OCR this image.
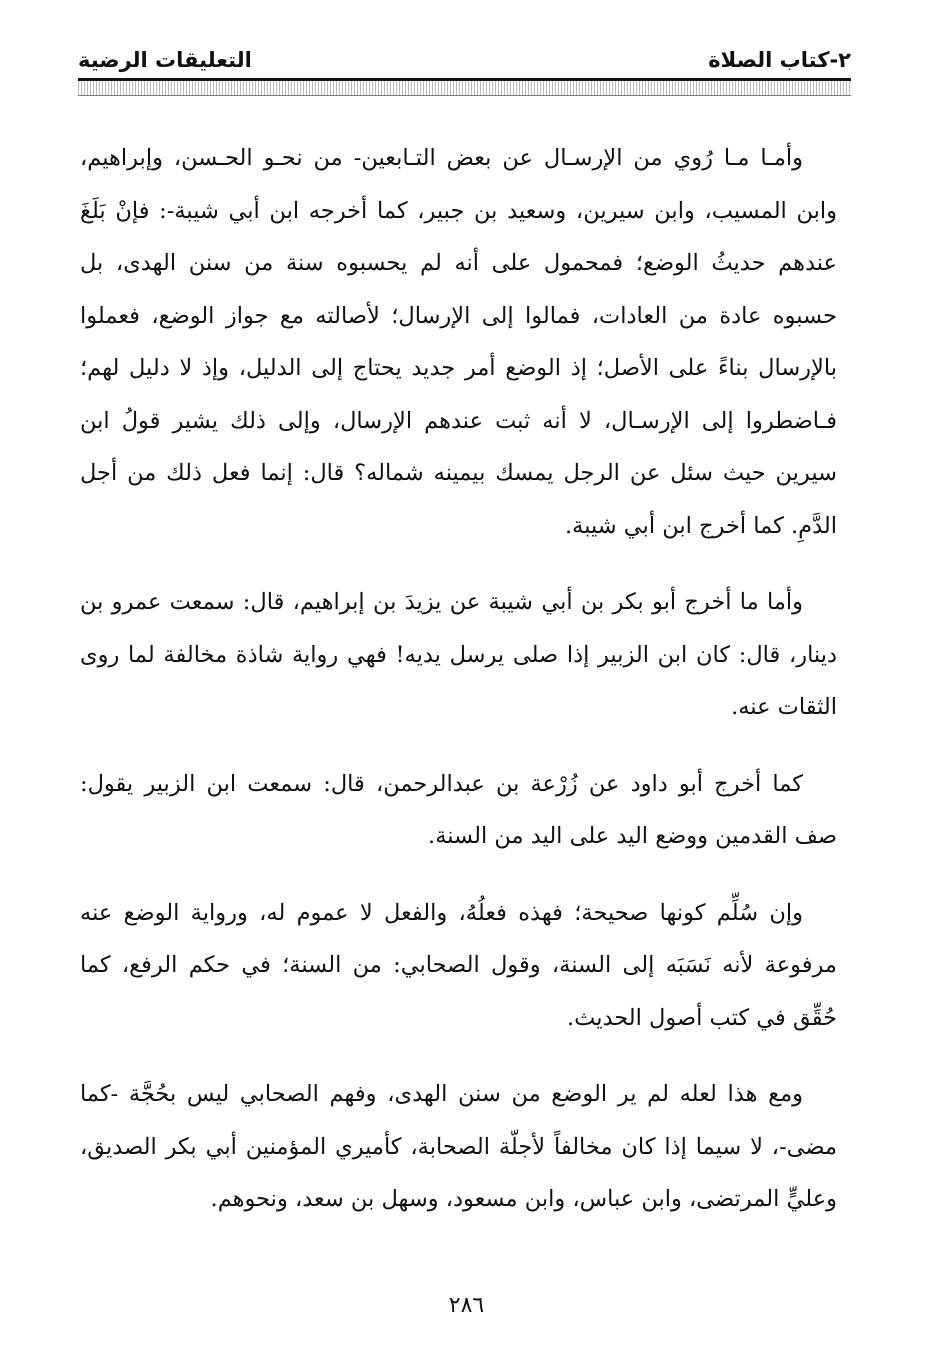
٢-كتاب الصلاة
التعليقات الرضية

وأمـا مـا رُوي من الإرسـال عن بعض التـابعين- من نحـو الحـسن، وإبراهيم، وابن المسيب، وابن سيرين، وسعيد بن جبير، كما أخرجه ابن أبي شيبة-: فإنْ بَلَغَ عندهم حديثُ الوضع؛ فمحمول على أنه لم يحسبوه سنة من سنن الهدى، بل حسبوه عادة من العادات، فمالوا إلى الإرسال؛ لأصالته مع جواز الوضع، فعملوا بالإرسال بناءً على الأصل؛ إذ الوضع أمر جديد يحتاج إلى الدليل، وإذ لا دليل لهم؛ فـاضطروا إلى الإرسـال، لا أنه ثبت عندهم الإرسال، وإلى ذلك يشير قولُ ابن سيرين حيث سئل عن الرجل يمسك بيمينه شماله؟ قال: إنما فعل ذلك من أجل الدَّمِ. كما أخرج ابن أبي شيبة.

وأما ما أخرج أبو بكر بن أبي شيبة عن يزيدَ بن إبراهيم، قال: سمعت عمرو بن دينار، قال: كان ابن الزبير إذا صلى يرسل يديه! فهي رواية شاذة مخالفة لما روى الثقات عنه.

كما أخرج أبو داود عن زُرْعة بن عبدالرحمن، قال: سمعت ابن الزبير يقول: صف القدمين ووضع اليد على اليد من السنة.

وإن سُلِّم كونها صحيحة؛ فهذه فعلُهُ، والفعل لا عموم له، ورواية الوضع عنه مرفوعة لأنه نَسَبَه إلى السنة، وقول الصحابي: من السنة؛ في حكم الرفع، كما حُقِّق في كتب أصول الحديث.

ومع هذا لعله لم ير الوضع من سنن الهدى، وفهم الصحابي ليس بحُجَّة -كما مضى-، لا سيما إذا كان مخالفاً لأجلّة الصحابة، كأميري المؤمنين أبي بكر الصديق، وعليٍّ المرتضى، وابن عباس، وابن مسعود، وسهل بن سعد، ونحوهم.

٢٨٦
